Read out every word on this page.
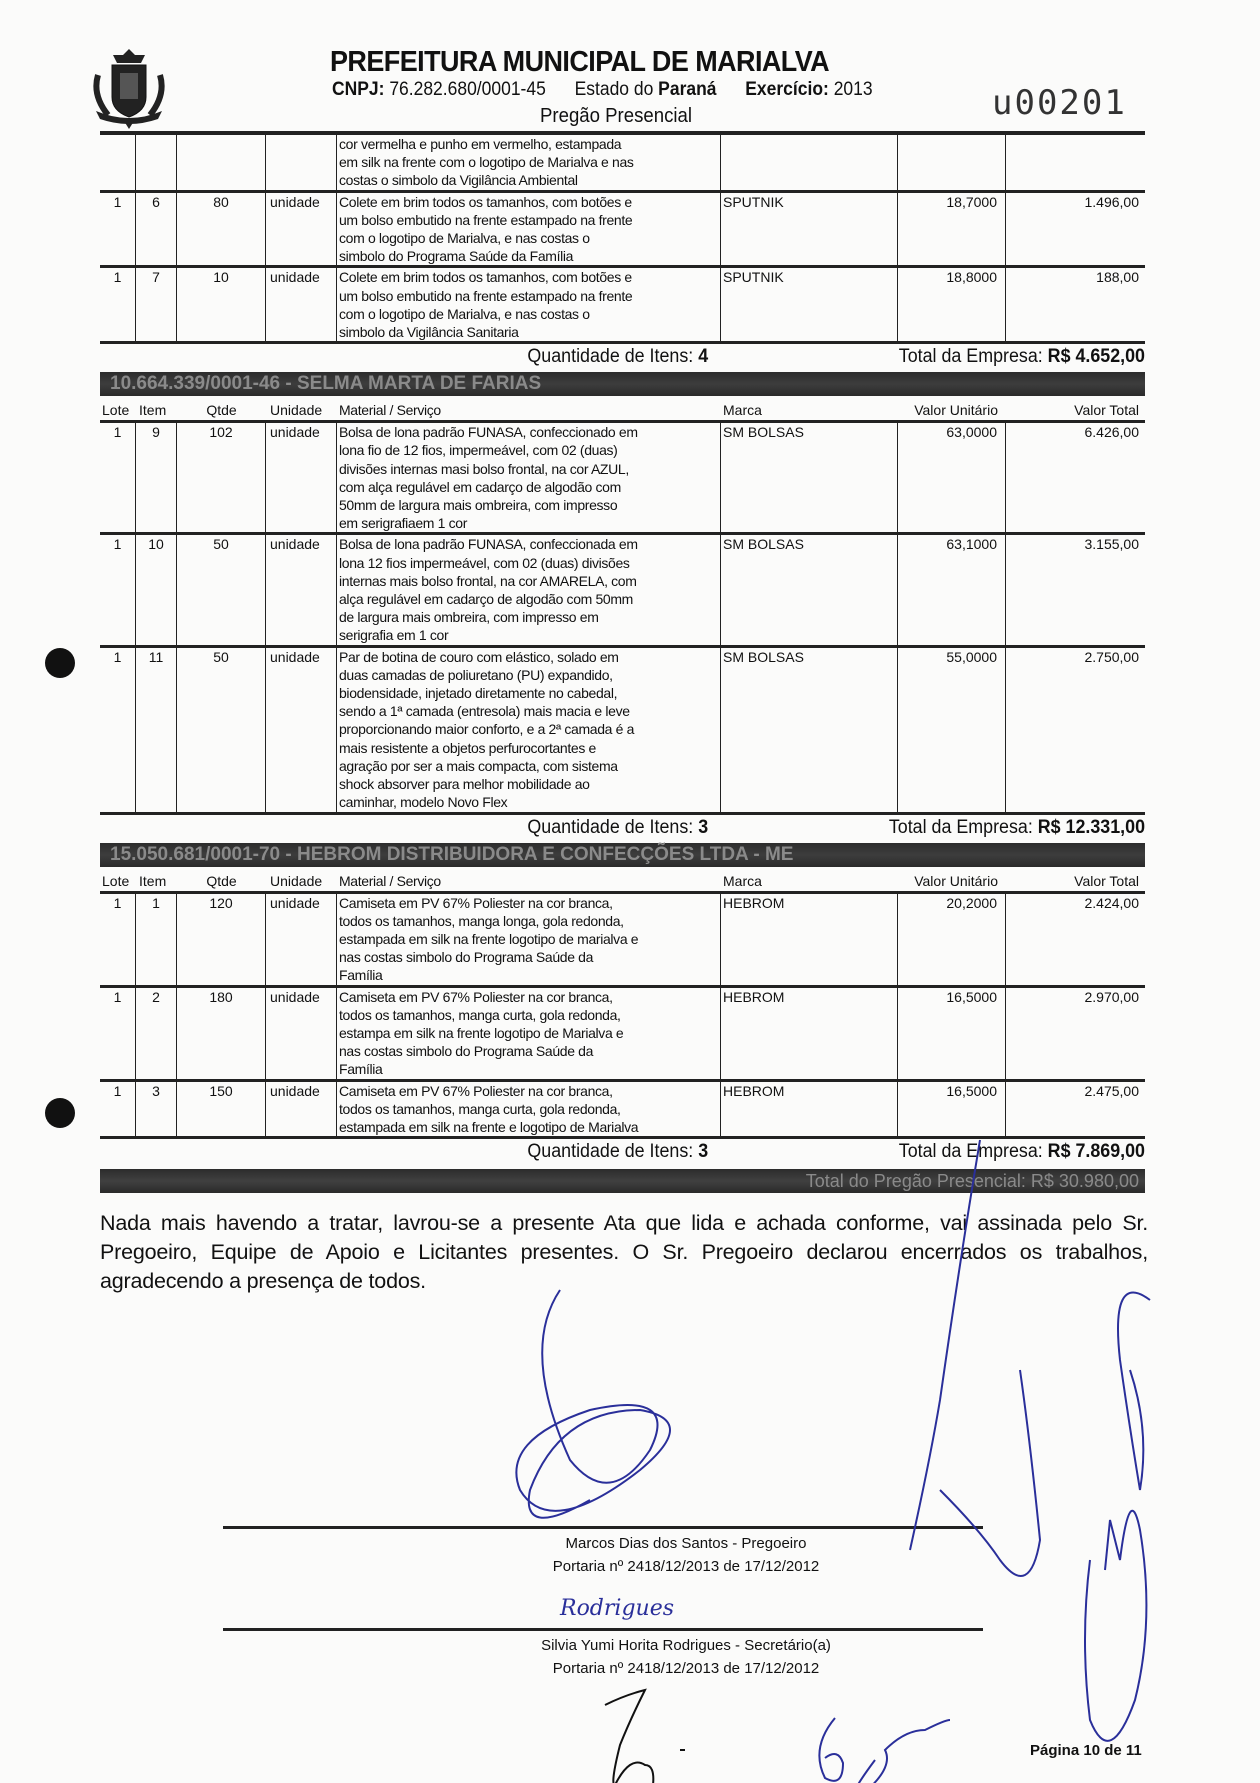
PREFEITURA MUNICIPAL DE MARIALVA
CNPJ: 76.282.680/0001-45 Estado do Paraná Exercício: 2013
Pregão Presencial	u00201
cor vermelha e punho em vermelho, estampada
em silk na frente com o logotipo de Marialva e nas
costas o simbolo da Vigilância Ambiental
1	6	80	unidade	Colete em brim todos os tamanhos, com botões e
um bolso embutido na frente estampado na frente
com o logotipo de Marialva, e nas costas o
simbolo do Programa Saúde da Família
SPUTNIK	18,7000	1.496,00
1	7	10	unidade	Colete em brim todos os tamanhos, com botões e
um bolso embutido na frente estampado na frente
com o logotipo de Marialva, e nas costas o
simbolo da Vigilância Sanitaria
SPUTNIK	18,8000	188,00
Quantidade de Itens: 4	Total da Empresa: R$ 4.652,00
10.664.339/0001-46 - SELMA MARTA DE FARIAS
Lote Item	Qtde	Unidade	Material / Serviço	Marca	Valor Unitário	Valor Total
1	9	102	unidade	Bolsa de lona padrão FUNASA, confeccionado em
lona fio de 12 fios, impermeável, com 02 (duas)
divisões internas masi bolso frontal, na cor AZUL,
com alça regulável em cadarço de algodão com
50mm de largura mais ombreira, com impresso
em serigrafiaem 1 cor
SM BOLSAS	63,0000	6.426,00
1	10	50	unidade	Bolsa de lona padrão FUNASA, confeccionada em
lona 12 fios impermeável, com 02 (duas) divisões
internas mais bolso frontal, na cor AMARELA, com
alça regulável em cadarço de algodão com 50mm
de largura mais ombreira, com impresso em
serigrafia em 1 cor
SM BOLSAS	63,1000	3.155,00
1	11	50	unidade	Par de botina de couro com elástico, solado em
duas camadas de poliuretano (PU) expandido,
biodensidade, injetado diretamente no cabedal,
sendo a 1ª camada (entresola) mais macia e leve
proporcionando maior conforto, e a 2ª camada é a
mais resistente a objetos perfurocortantes e
agração por ser a mais compacta, com sistema
shock absorver para melhor mobilidade ao
caminhar, modelo Novo Flex
SM BOLSAS	55,0000	2.750,00
Quantidade de Itens: 3	Total da Empresa: R$ 12.331,00
15.050.681/0001-70 - HEBROM DISTRIBUIDORA E CONFECÇÕES LTDA - ME
Lote Item	Qtde	Unidade	Material / Serviço	Marca	Valor Unitário	Valor Total
1	1	120	unidade	Camiseta em PV 67% Poliester na cor branca,
todos os tamanhos, manga longa, gola redonda,
estampada em silk na frente logotipo de marialva e
nas costas simbolo do Programa Saúde da
Família
HEBROM	20,2000	2.424,00
1	2	180	unidade	Camiseta em PV 67% Poliester na cor branca,
todos os tamanhos, manga curta, gola redonda,
estampa em silk na frente logotipo de Marialva e
nas costas simbolo do Programa Saúde da
Família
HEBROM	16,5000	2.970,00
1	3	150	unidade	Camiseta em PV 67% Poliester na cor branca,
todos os tamanhos, manga curta, gola redonda,
estampada em silk na frente e logotipo de Marialva
HEBROM	16,5000	2.475,00
Quantidade de Itens: 3	Total da Empresa: R$ 7.869,00
Total do Pregão Presencial: R$ 30.980,00
Nada mais havendo a tratar, lavrou-se a presente Ata que lida e achada conforme, vai assinada pelo Sr. Pregoeiro, Equipe de Apoio e Licitantes presentes. O Sr. Pregoeiro declarou encerrados os trabalhos, agradecendo a presença de todos.
Marcos Dias dos Santos - Pregoeiro
Portaria nº 2418/12/2013 de 17/12/2012
Silvia Yumi Horita Rodrigues - Secretário(a)
Portaria nº 2418/12/2013 de 17/12/2012
Rodrigues
Página 10 de 11
